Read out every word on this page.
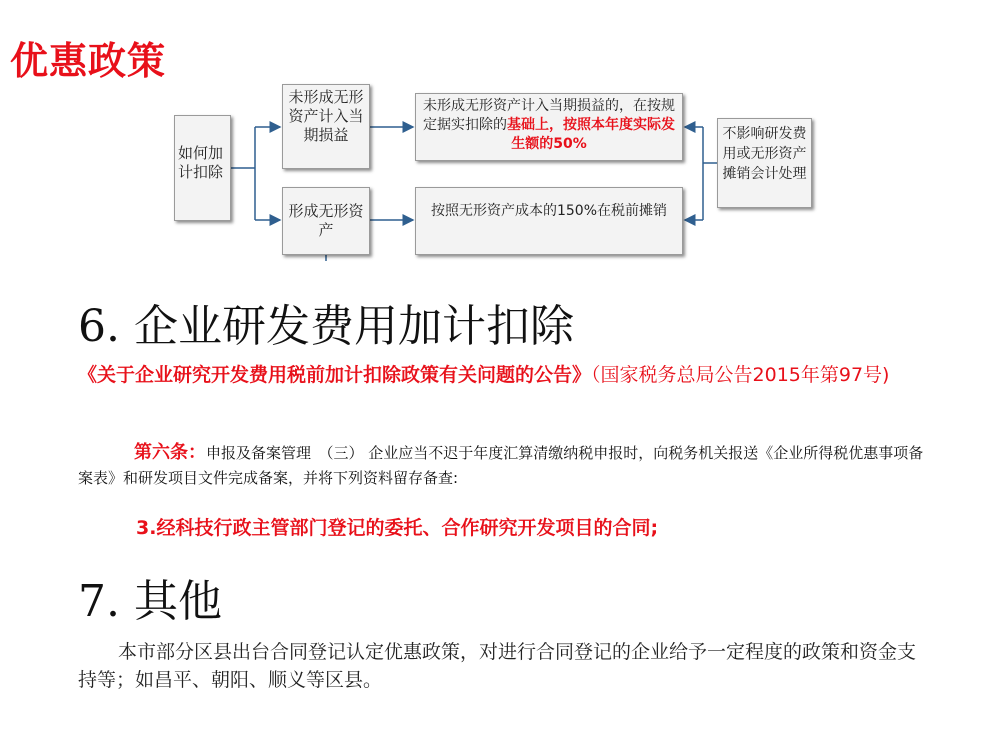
优惠政策
如何加计扣除
未形成无形资产计入当期损益
形成无形资产
未形成无形资产计入当期损益的，在按规定据实扣除的基础上，按照本年度实际发生额的50%
按照无形资产成本的150%在税前摊销
不影响研发费用或无形资产摊销会计处理
6. 企业研发费用加计扣除
《关于企业研究开发费用税前加计扣除政策有关问题的公告》（国家税务总局公告2015年第97号)
第六条：申报及备案管理　（三） 企业应当不迟于年度汇算清缴纳税申报时，向税务机关报送《企业所得税优惠事项备案表》和研发项目文件完成备案，并将下列资料留存备查:
3.经科技行政主管部门登记的委托、合作研究开发项目的合同;
7. 其他
本市部分区县出台合同登记认定优惠政策，对进行合同登记的企业给予一定程度的政策和资金支持等；如昌平、朝阳、顺义等区县。
